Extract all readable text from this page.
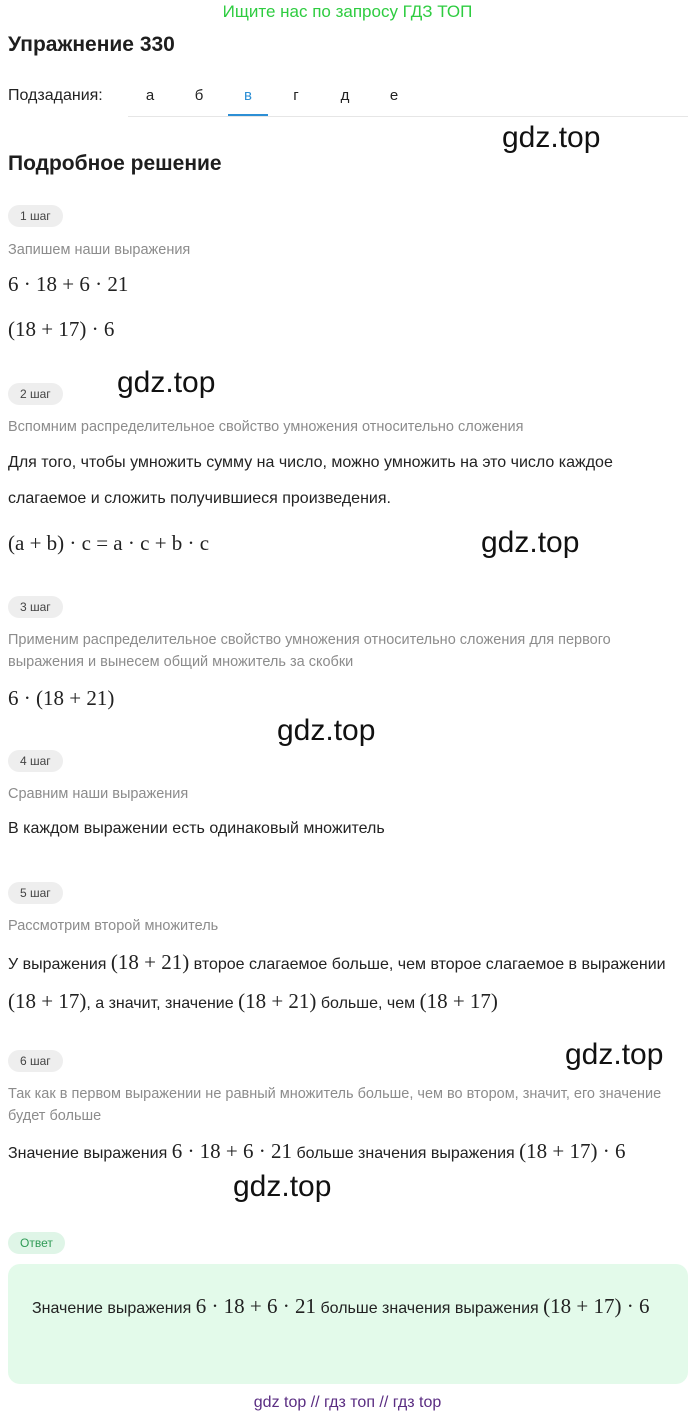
Ищите нас по запросу ГДЗ ТОП
Упражнение 330
Подзадания:	а	б	в	г	д	е
gdz.top
Подробное решение
1 шаг
Запишем наши выражения
6 · 18 + 6 · 21
(18 + 17) · 6
2 шаг	gdz.top
Вспомним распределительное свойство умножения относительно сложения
Для того, чтобы умножить сумму на число, можно умножить на это число каждое слагаемое и сложить получившиеся произведения.
(a + b) · c = a · c + b · c	gdz.top
3 шаг
Применим распределительное свойство умножения относительно сложения для первого выражения и вынесем общий множитель за скобки
6 · (18 + 21)
gdz.top
4 шаг
Сравним наши выражения
В каждом выражении есть одинаковый множитель
5 шаг
Рассмотрим второй множитель
У выражения (18 + 21) второе слагаемое больше, чем второе слагаемое в выражении (18 + 17), а значит, значение (18 + 21) больше, чем (18 + 17)
gdz.top
6 шаг
Так как в первом выражении не равный множитель больше, чем во втором, значит, его значение будет больше
Значение выражения 6 · 18 + 6 · 21 больше значения выражения (18 + 17) · 6
gdz.top
Ответ
Значение выражения 6 · 18 + 6 · 21 больше значения выражения (18 + 17) · 6
gdz top // гдз топ // гдз top
